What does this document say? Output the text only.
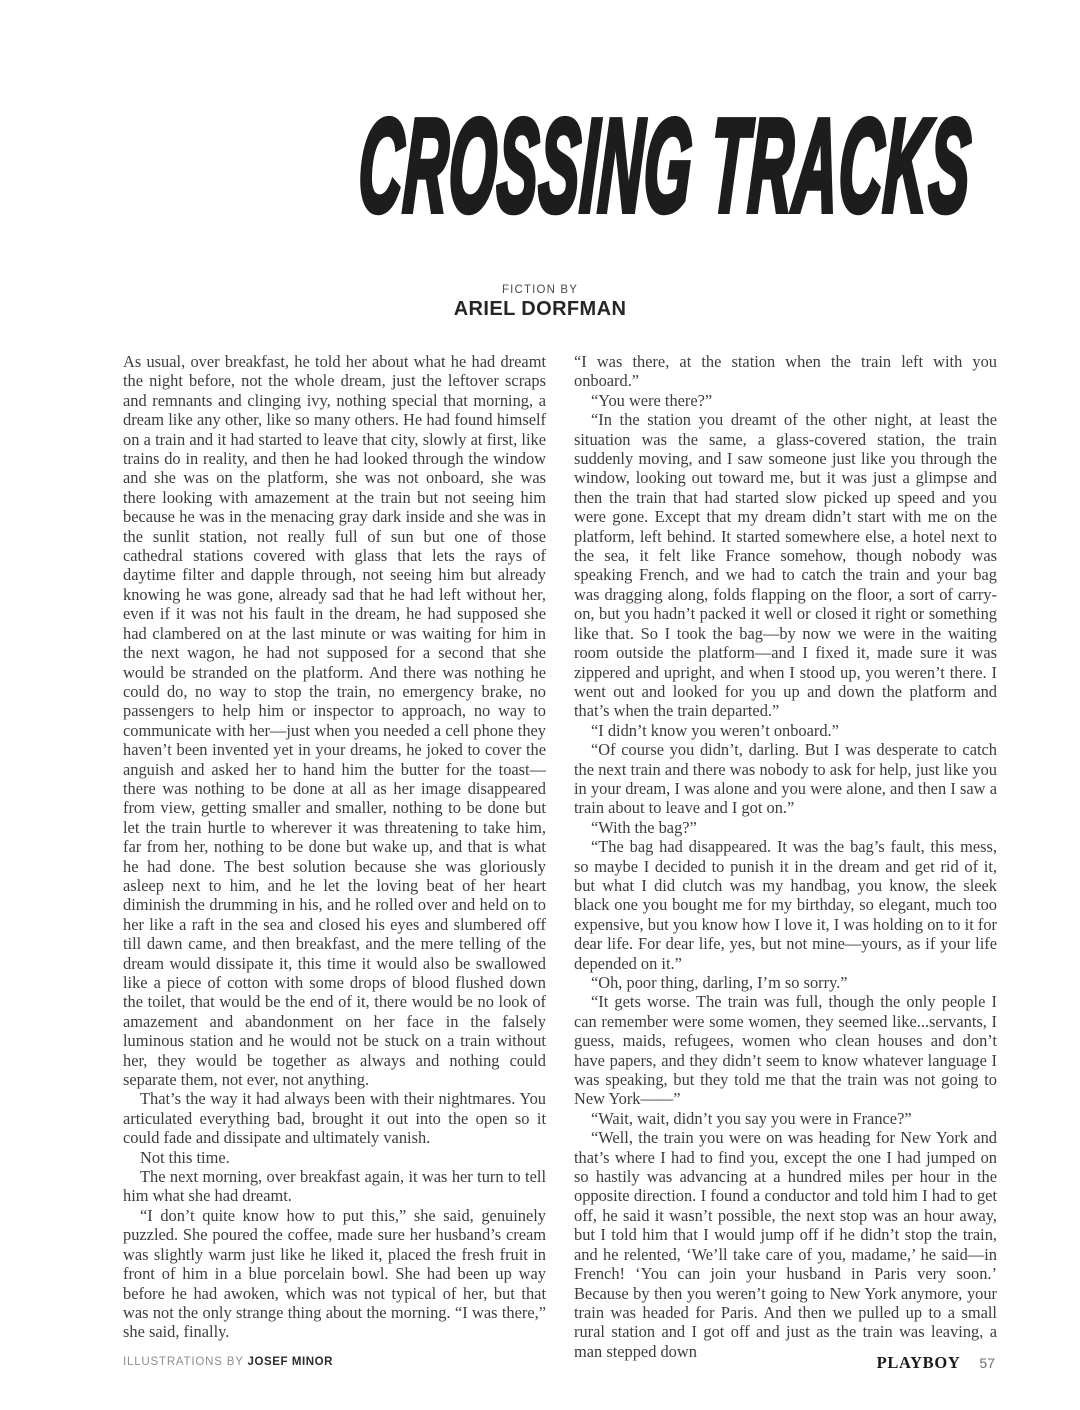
CROSSING TRACKS
FICTION BY
ARIEL DORFMAN

As usual, over breakfast, he told her about what he had dreamt the night before, not the whole dream, just the leftover scraps and remnants and clinging ivy, nothing special that morning, a dream like any other, like so many others. He had found himself on a train and it had started to leave that city, slowly at first, like trains do in reality, and then he had looked through the window and she was on the platform, she was not onboard, she was there looking with amazement at the train but not seeing him because he was in the menacing gray dark inside and she was in the sunlit station, not really full of sun but one of those cathedral stations covered with glass that lets the rays of daytime filter and dapple through, not seeing him but already knowing he was gone, already sad that he had left without her, even if it was not his fault in the dream, he had supposed she had clambered on at the last minute or was waiting for him in the next wagon, he had not supposed for a second that she would be stranded on the platform. And there was nothing he could do, no way to stop the train, no emergency brake, no passengers to help him or inspector to approach, no way to communicate with her—just when you needed a cell phone they haven’t been invented yet in your dreams, he joked to cover the anguish and asked her to hand him the butter for the toast—there was nothing to be done at all as her image disappeared from view, getting smaller and smaller, nothing to be done but let the train hurtle to wherever it was threatening to take him, far from her, nothing to be done but wake up, and that is what he had done. The best solution because she was gloriously asleep next to him, and he let the loving beat of her heart diminish the drumming in his, and he rolled over and held on to her like a raft in the sea and closed his eyes and slumbered off till dawn came, and then breakfast, and the mere telling of the dream would dissipate it, this time it would also be swallowed like a piece of cotton with some drops of blood flushed down the toilet, that would be the end of it, there would be no look of amazement and abandonment on her face in the falsely luminous station and he would not be stuck on a train without her, they would be together as always and nothing could separate them, not ever, not anything.

That’s the way it had always been with their nightmares. You articulated everything bad, brought it out into the open so it could fade and dissipate and ultimately vanish.

Not this time.

The next morning, over breakfast again, it was her turn to tell him what she had dreamt.

“I don’t quite know how to put this,” she said, genuinely puzzled. She poured the coffee, made sure her husband’s cream was slightly warm just like he liked it, placed the fresh fruit in front of him in a blue porcelain bowl. She had been up way before he had awoken, which was not typical of her, but that was not the only strange thing about the morning. “I was there,” she said, finally.

“I was there, at the station when the train left with you onboard.”

“You were there?”

“In the station you dreamt of the other night, at least the situation was the same, a glass-covered station, the train suddenly moving, and I saw someone just like you through the window, looking out toward me, but it was just a glimpse and then the train that had started slow picked up speed and you were gone. Except that my dream didn’t start with me on the platform, left behind. It started somewhere else, a hotel next to the sea, it felt like France somehow, though nobody was speaking French, and we had to catch the train and your bag was dragging along, folds flapping on the floor, a sort of carry-on, but you hadn’t packed it well or closed it right or something like that. So I took the bag—by now we were in the waiting room outside the platform—and I fixed it, made sure it was zippered and upright, and when I stood up, you weren’t there. I went out and looked for you up and down the platform and that’s when the train departed.”

“I didn’t know you weren’t onboard.”

“Of course you didn’t, darling. But I was desperate to catch the next train and there was nobody to ask for help, just like you in your dream, I was alone and you were alone, and then I saw a train about to leave and I got on.”

“With the bag?”

“The bag had disappeared. It was the bag’s fault, this mess, so maybe I decided to punish it in the dream and get rid of it, but what I did clutch was my handbag, you know, the sleek black one you bought me for my birthday, so elegant, much too expensive, but you know how I love it, I was holding on to it for dear life. For dear life, yes, but not mine—yours, as if your life depended on it.”

“Oh, poor thing, darling, I’m so sorry.”

“It gets worse. The train was full, though the only people I can remember were some women, they seemed like...servants, I guess, maids, refugees, women who clean houses and don’t have papers, and they didn’t seem to know whatever language I was speaking, but they told me that the train was not going to New York——”

“Wait, wait, didn’t you say you were in France?”

“Well, the train you were on was heading for New York and that’s where I had to find you, except the one I had jumped on so hastily was advancing at a hundred miles per hour in the opposite direction. I found a conductor and told him I had to get off, he said it wasn’t possible, the next stop was an hour away, but I told him that I would jump off if he didn’t stop the train, and he relented, ‘We’ll take care of you, madame,’ he said—in French! ‘You can join your husband in Paris very soon.’ Because by then you weren’t going to New York anymore, your train was headed for Paris. And then we pulled up to a small rural station and I got off and just as the train was leaving, a man stepped down

ILLUSTRATIONS BY JOSEF MINOR	PLAYBOY 57
